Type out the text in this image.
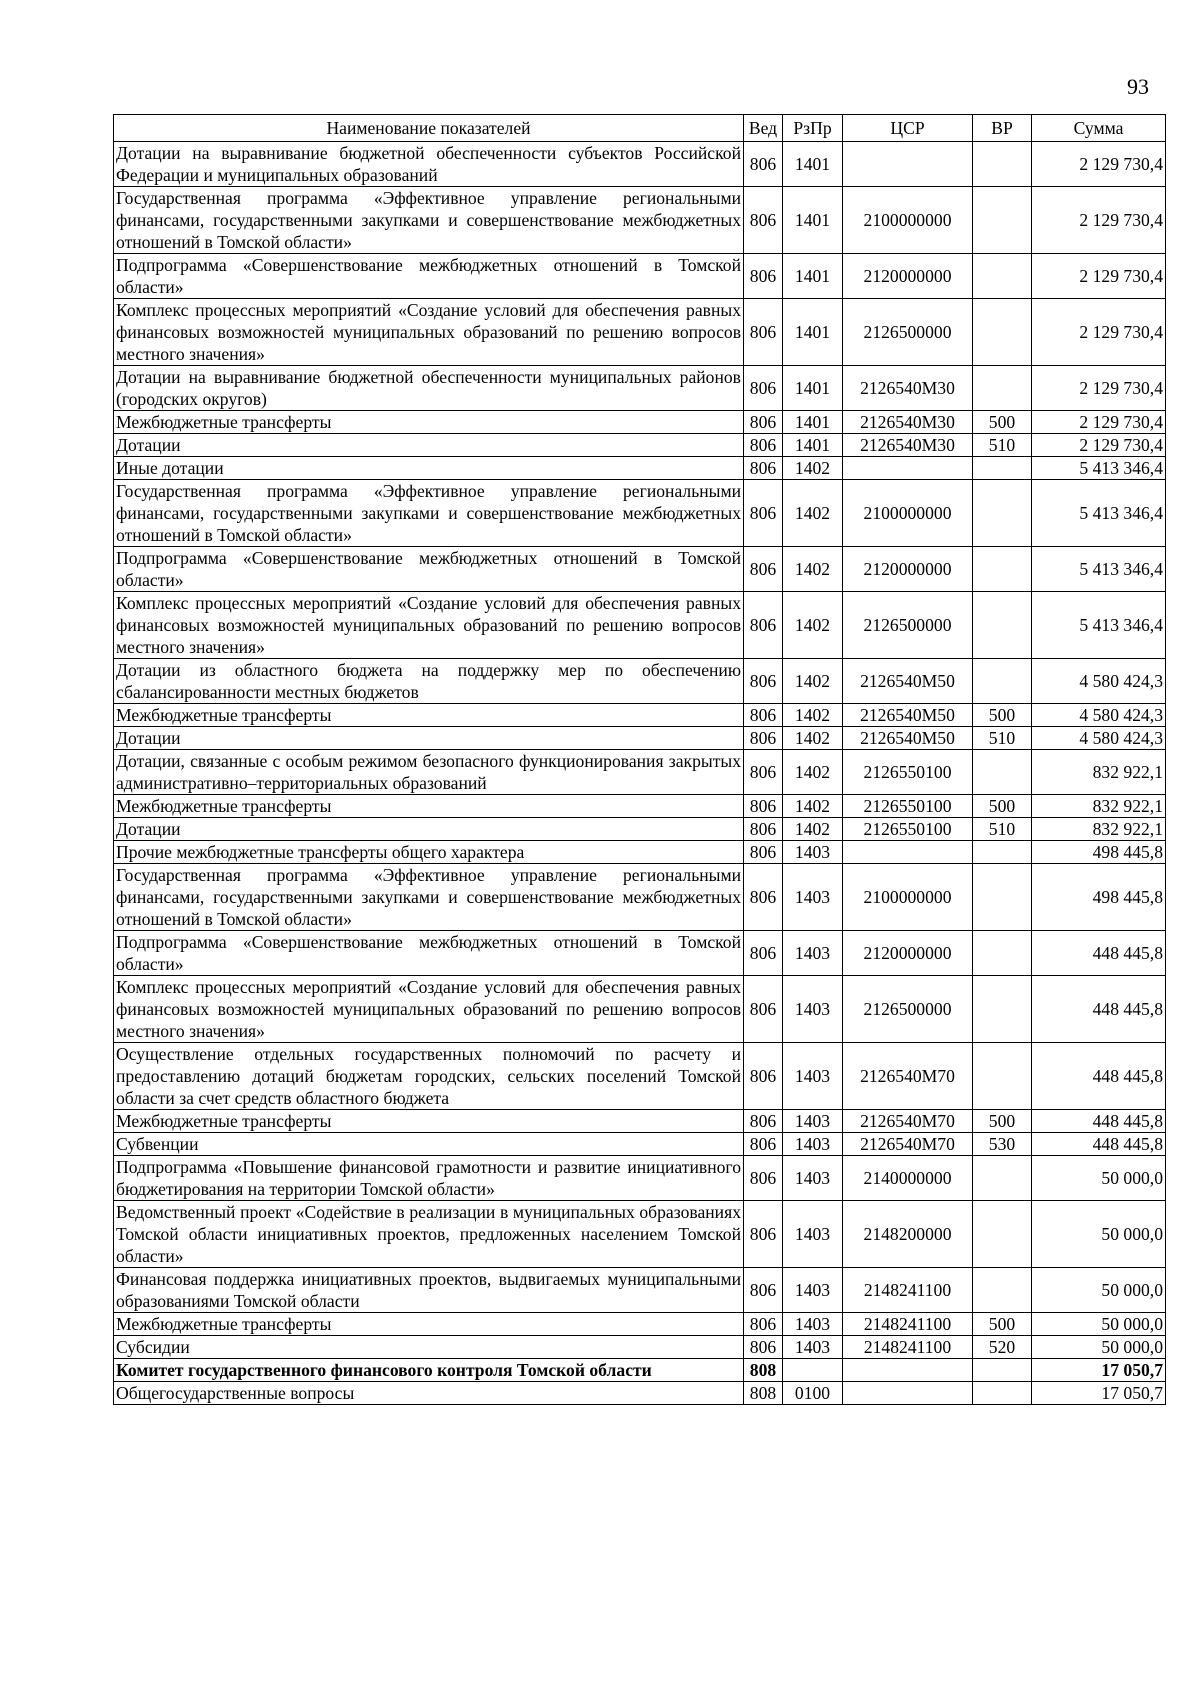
93
Наименование показателей	Вед	РзПр	ЦСР	ВР	Сумма
Дотации на выравнивание бюджетной обеспеченности субъектов Российской Федерации и муниципальных образований	806	1401			2 129 730,4
Государственная программа «Эффективное управление региональными финансами, государственными закупками и совершенствование межбюджетных отношений в Томской области»	806	1401	2100000000		2 129 730,4
Подпрограмма «Совершенствование межбюджетных отношений в Томской области»	806	1401	2120000000		2 129 730,4
Комплекс процессных мероприятий «Создание условий для обеспечения равных финансовых возможностей муниципальных образований по решению вопросов местного значения»	806	1401	2126500000		2 129 730,4
Дотации на выравнивание бюджетной обеспеченности муниципальных районов (городских округов)	806	1401	2126540М30		2 129 730,4
Межбюджетные трансферты	806	1401	2126540М30	500	2 129 730,4
Дотации	806	1401	2126540М30	510	2 129 730,4
Иные дотации	806	1402			5 413 346,4
Государственная программа «Эффективное управление региональными финансами, государственными закупками и совершенствование межбюджетных отношений в Томской области»	806	1402	2100000000		5 413 346,4
Подпрограмма «Совершенствование межбюджетных отношений в Томской области»	806	1402	2120000000		5 413 346,4
Комплекс процессных мероприятий «Создание условий для обеспечения равных финансовых возможностей муниципальных образований по решению вопросов местного значения»	806	1402	2126500000		5 413 346,4
Дотации из областного бюджета на поддержку мер по обеспечению сбалансированности местных бюджетов	806	1402	2126540М50		4 580 424,3
Межбюджетные трансферты	806	1402	2126540М50	500	4 580 424,3
Дотации	806	1402	2126540М50	510	4 580 424,3
Дотации, связанные с особым режимом безопасного функционирования закрытых административно–территориальных образований	806	1402	2126550100		832 922,1
Межбюджетные трансферты	806	1402	2126550100	500	832 922,1
Дотации	806	1402	2126550100	510	832 922,1
Прочие межбюджетные трансферты общего характера	806	1403			498 445,8
Государственная программа «Эффективное управление региональными финансами, государственными закупками и совершенствование межбюджетных отношений в Томской области»	806	1403	2100000000		498 445,8
Подпрограмма «Совершенствование межбюджетных отношений в Томской области»	806	1403	2120000000		448 445,8
Комплекс процессных мероприятий «Создание условий для обеспечения равных финансовых возможностей муниципальных образований по решению вопросов местного значения»	806	1403	2126500000		448 445,8
Осуществление отдельных государственных полномочий по расчету и предоставлению дотаций бюджетам городских, сельских поселений Томской области за счет средств областного бюджета	806	1403	2126540М70		448 445,8
Межбюджетные трансферты	806	1403	2126540М70	500	448 445,8
Субвенции	806	1403	2126540М70	530	448 445,8
Подпрограмма «Повышение финансовой грамотности и развитие инициативного бюджетирования на территории Томской области»	806	1403	2140000000		50 000,0
Ведомственный проект «Содействие в реализации в муниципальных образованиях Томской области инициативных проектов, предложенных населением Томской области»	806	1403	2148200000		50 000,0
Финансовая поддержка инициативных проектов, выдвигаемых муниципальными образованиями Томской области	806	1403	2148241100		50 000,0
Межбюджетные трансферты	806	1403	2148241100	500	50 000,0
Субсидии	806	1403	2148241100	520	50 000,0
Комитет государственного финансового контроля Томской области	808				17 050,7
Общегосударственные вопросы	808	0100			17 050,7
